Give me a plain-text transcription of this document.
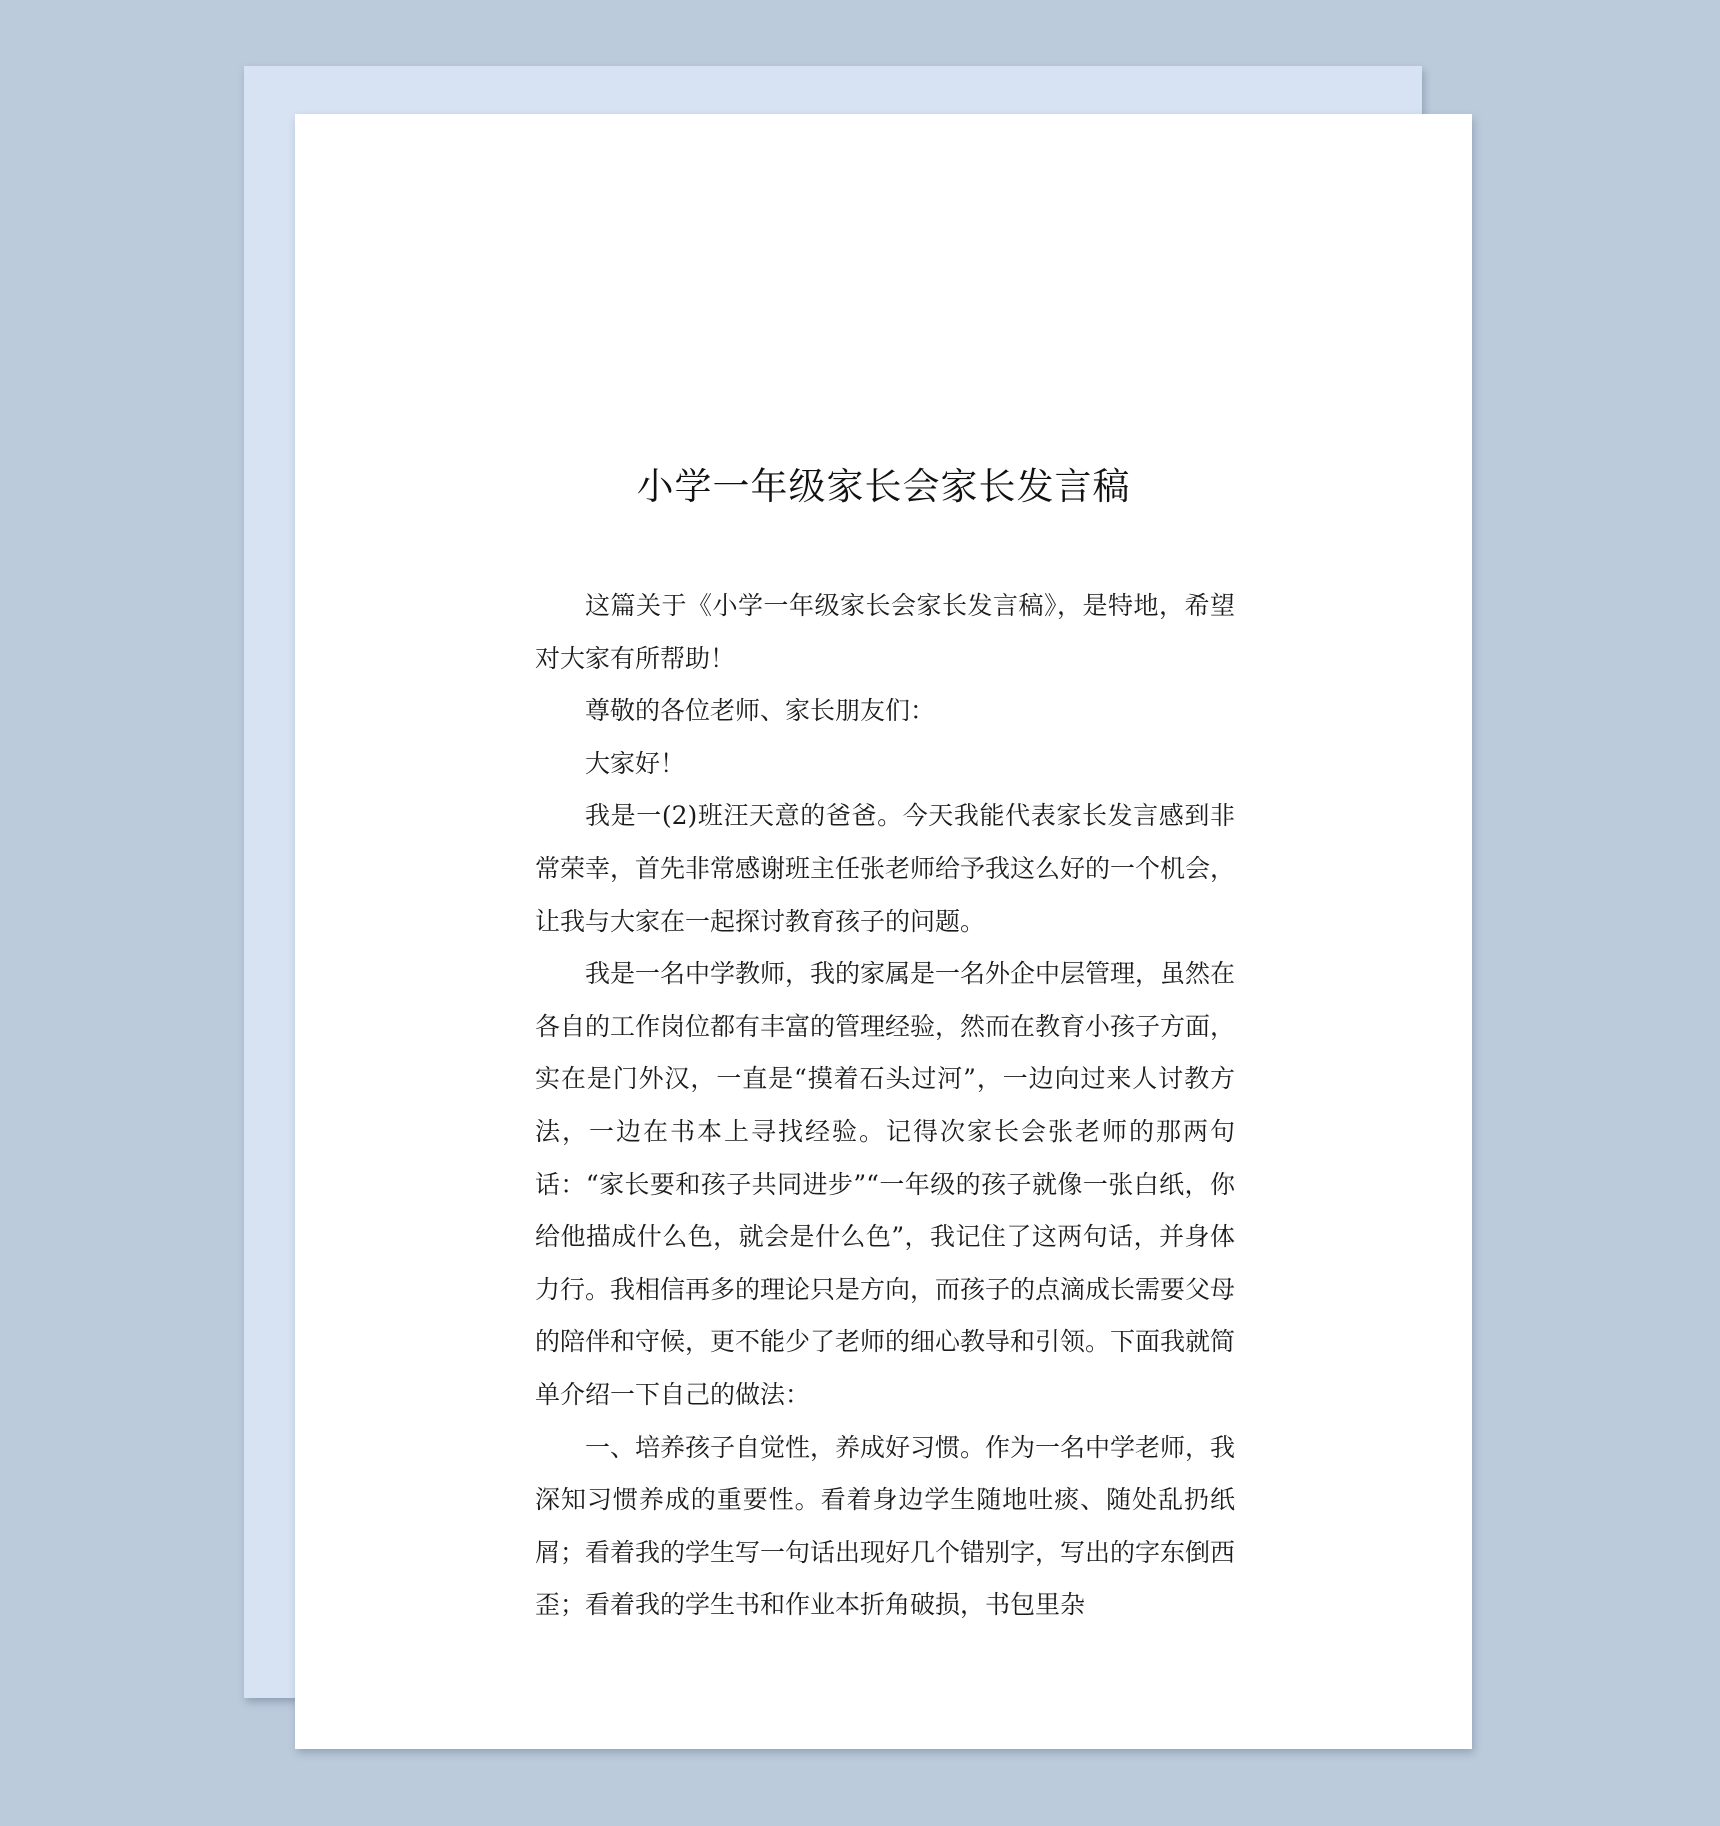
小学一年级家长会家长发言稿

这篇关于《小学一年级家长会家长发言稿》，是特地，希望对大家有所帮助！

尊敬的各位老师、家长朋友们：

大家好！

我是一(2)班汪天意的爸爸。今天我能代表家长发言感到非常荣幸，首先非常感谢班主任张老师给予我这么好的一个机会，让我与大家在一起探讨教育孩子的问题。

我是一名中学教师，我的家属是一名外企中层管理，虽然在各自的工作岗位都有丰富的管理经验，然而在教育小孩子方面，实在是门外汉，一直是“摸着石头过河”，一边向过来人讨教方法，一边在书本上寻找经验。记得次家长会张老师的那两句话：“家长要和孩子共同进步”“一年级的孩子就像一张白纸，你给他描成什么色，就会是什么色”，我记住了这两句话，并身体力行。我相信再多的理论只是方向，而孩子的点滴成长需要父母的陪伴和守候，更不能少了老师的细心教导和引领。下面我就简单介绍一下自己的做法：

一、培养孩子自觉性，养成好习惯。作为一名中学老师，我深知习惯养成的重要性。看着身边学生随地吐痰、随处乱扔纸屑；看着我的学生写一句话出现好几个错别字，写出的字东倒西歪；看着我的学生书和作业本折角破损，书包里杂
